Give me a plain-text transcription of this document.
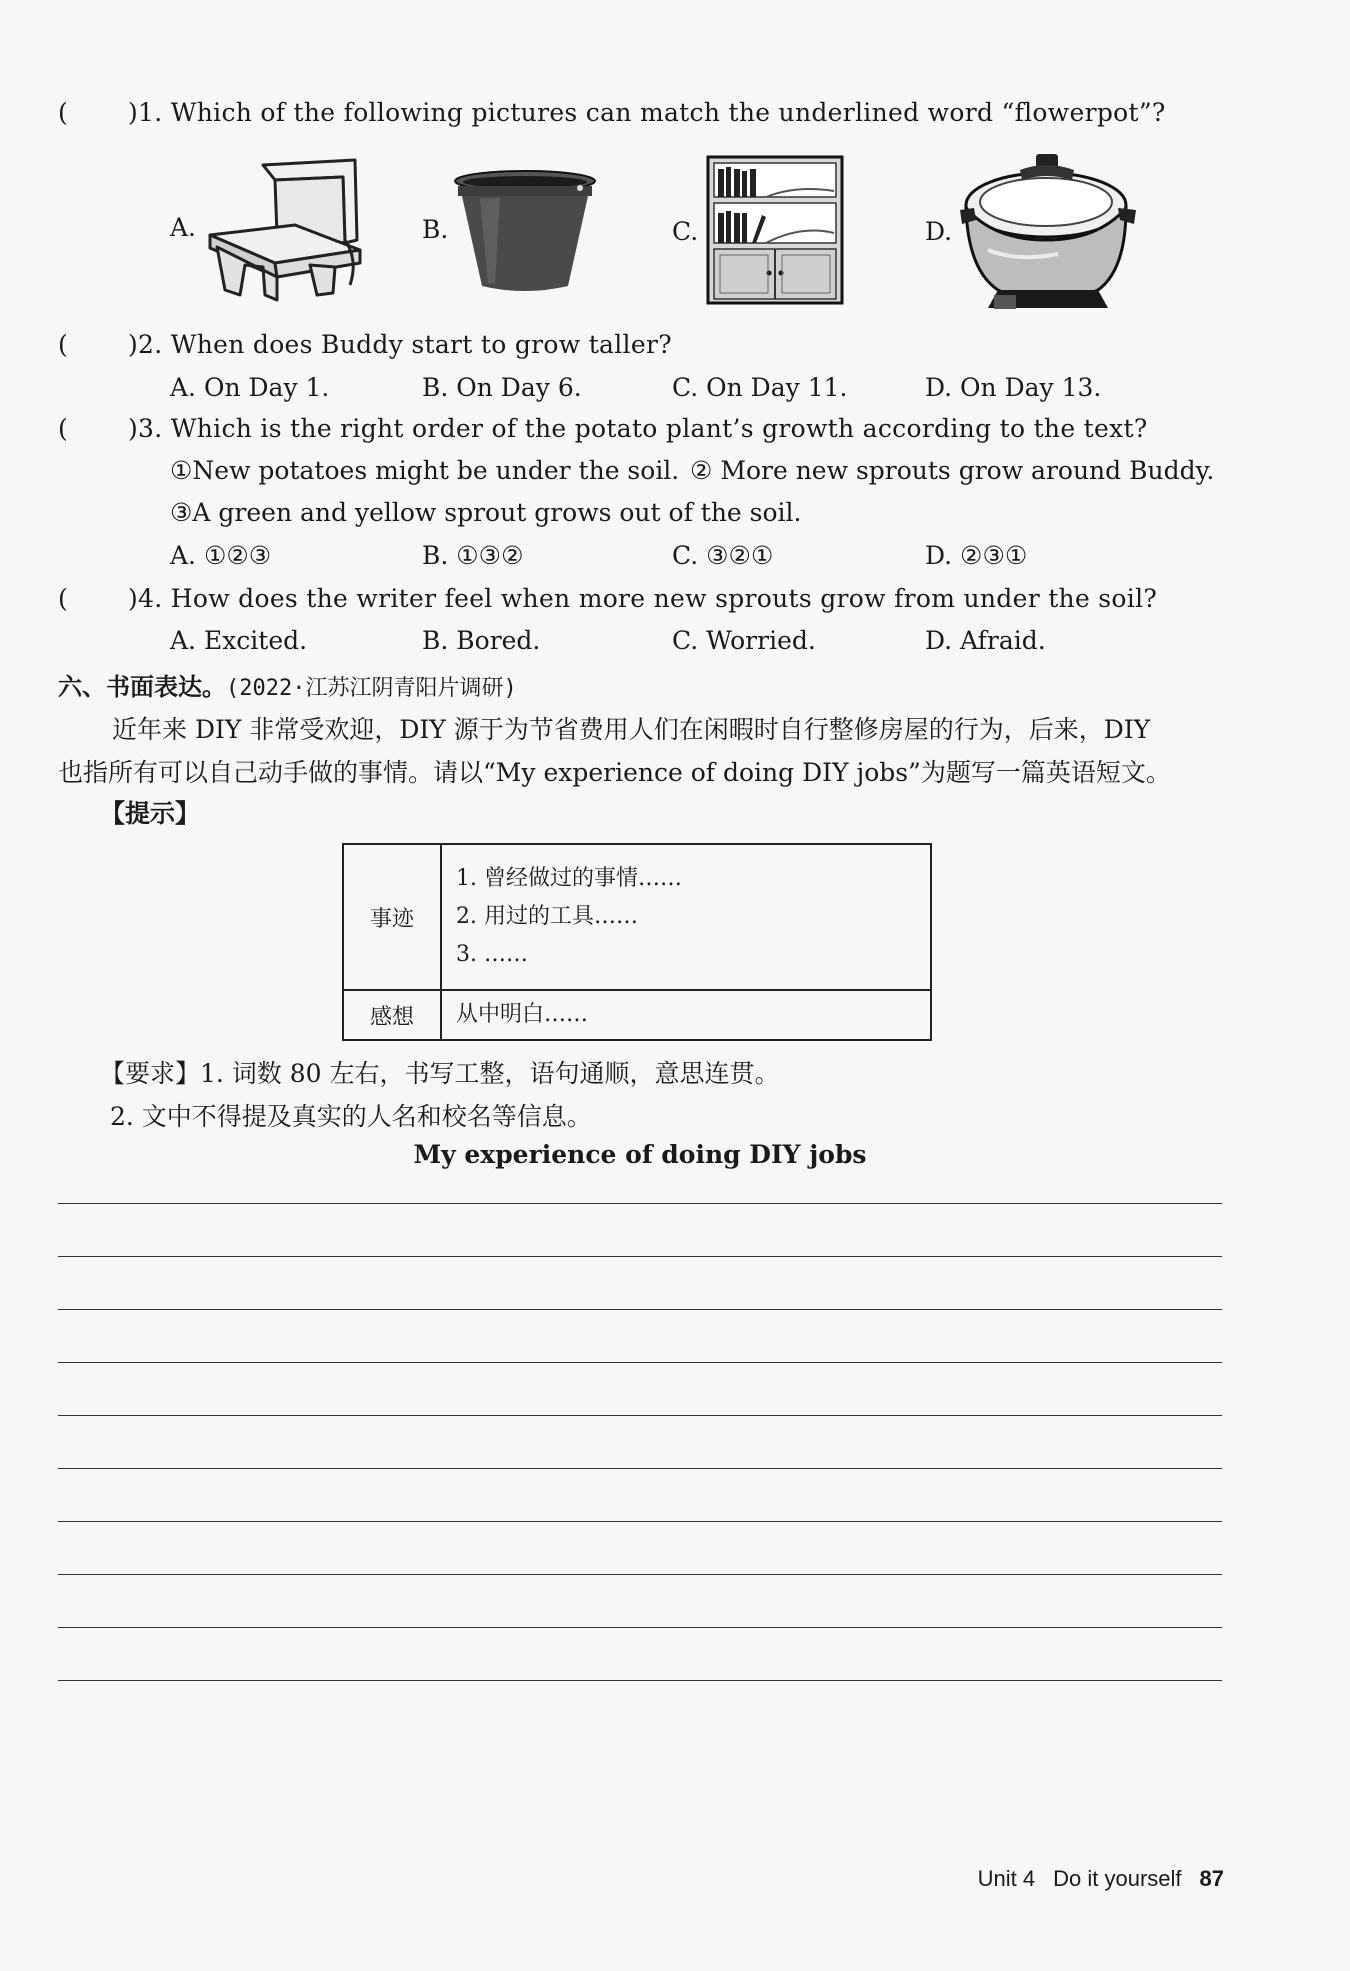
( )1. Which of the following pictures can match the underlined word “flowerpot”?
A.	B.	C.	D.
( )2. When does Buddy start to grow taller?
A. On Day 1.	B. On Day 6.	C. On Day 11.	D. On Day 13.
( )3. Which is the right order of the potato plant’s growth according to the text?
①New potatoes might be under the soil. ② More new sprouts grow around Buddy.
③A green and yellow sprout grows out of the soil.
A. ①②③	B. ①③②	C. ③②①	D. ②③①
( )4. How does the writer feel when more new sprouts grow from under the soil?
A. Excited.	B. Bored.	C. Worried.	D. Afraid.
六、书面表达。(2022·江苏江阴青阳片调研)
近年来 DIY 非常受欢迎，DIY 源于为节省费用人们在闲暇时自行整修房屋的行为，后来，DIY
也指所有可以自己动手做的事情。请以“My experience of doing DIY jobs”为题写一篇英语短文。
【提示】
事迹	1. 曾经做过的事情……
2. 用过的工具……
3. ……

感想	从中明白……
【要求】1. 词数 80 左右，书写工整，语句通顺，意思连贯。
2. 文中不得提及真实的人名和校名等信息。
My experience of doing DIY jobs
Unit 4 Do it yourself 87
